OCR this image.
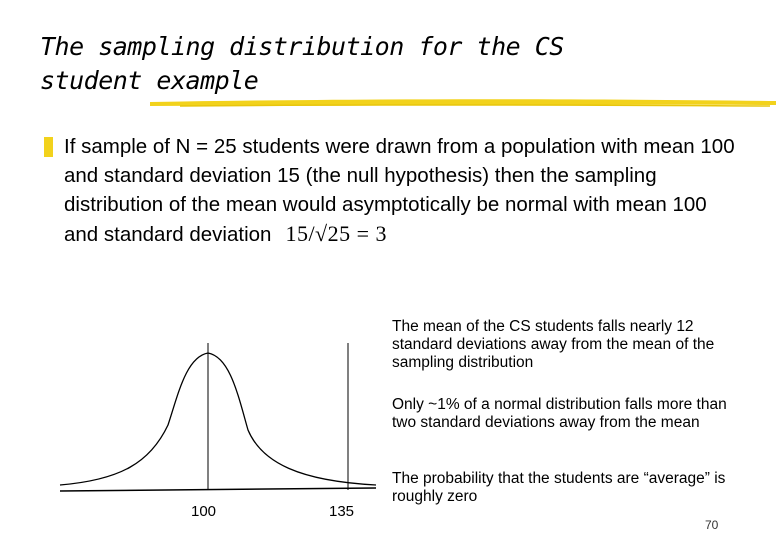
The sampling distribution for the CS student example
If sample of N = 25 students were drawn from a population with mean 100 and standard deviation 15 (the null hypothesis) then the sampling distribution of the mean would asymptotically be normal with mean 100 and standard deviation 15/√25 = 3
100	135
The mean of the CS students falls nearly 12 standard deviations away from the mean of the sampling distribution
Only ~1% of a normal distribution falls more than two standard deviations away from the mean
The probability that the students are “average” is roughly zero
70
